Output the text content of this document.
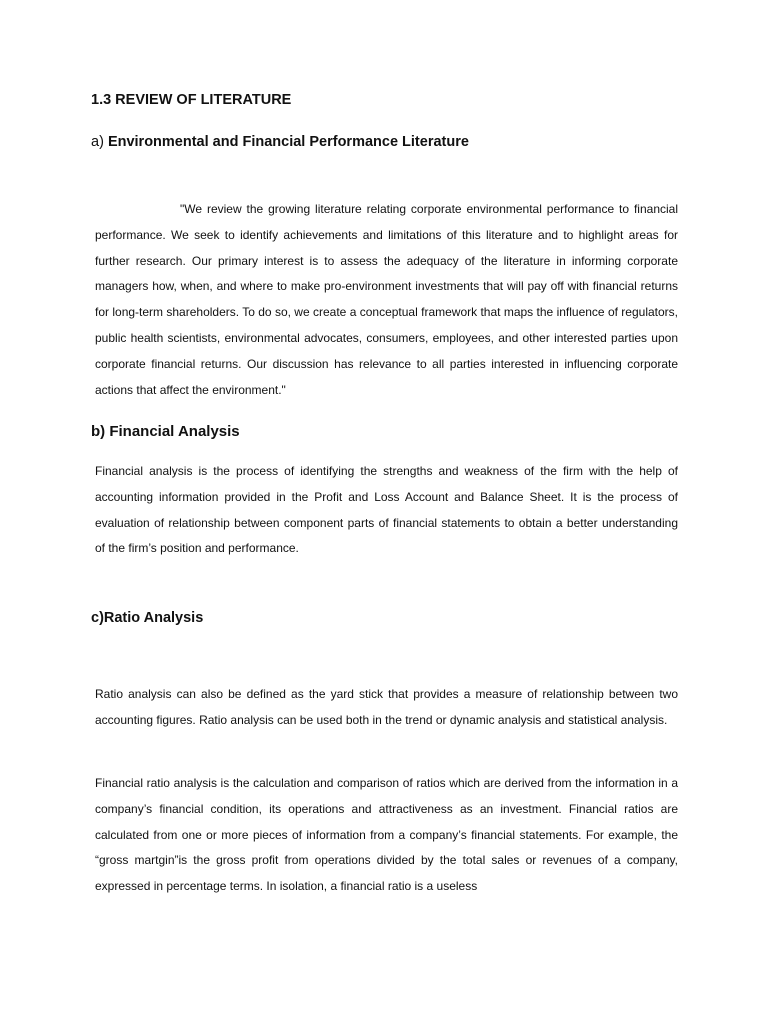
1.3 REVIEW OF LITERATURE
a) Environmental and Financial Performance Literature

"We review the growing literature relating corporate environmental performance to financial performance. We seek to identify achievements and limitations of this literature and to highlight areas for further research. Our primary interest is to assess the adequacy of the literature in informing corporate managers how, when, and where to make pro-environment investments that will pay off with financial returns for long-term shareholders. To do so, we create a conceptual framework that maps the influence of regulators, public health scientists, environmental advocates, consumers, employees, and other interested parties upon corporate financial returns. Our discussion has relevance to all parties interested in influencing corporate actions that affect the environment."

b) Financial Analysis

Financial analysis is the process of identifying the strengths and weakness of the firm with the help of accounting information provided in the Profit and Loss Account and Balance Sheet. It is the process of evaluation of relationship between component parts of financial statements to obtain a better understanding of the firm’s position and performance.

c)Ratio Analysis

Ratio analysis can also be defined as the yard stick that provides a measure of relationship between two accounting figures. Ratio analysis can be used both in the trend or dynamic analysis and statistical analysis.

Financial ratio analysis is the calculation and comparison of ratios which are derived from the information in a company’s financial condition, its operations and attractiveness as an investment. Financial ratios are calculated from one or more pieces of information from a company’s financial statements. For example, the “gross martgin”is the gross profit from operations divided by the total sales or revenues of a company, expressed in percentage terms. In isolation, a financial ratio is a useless
